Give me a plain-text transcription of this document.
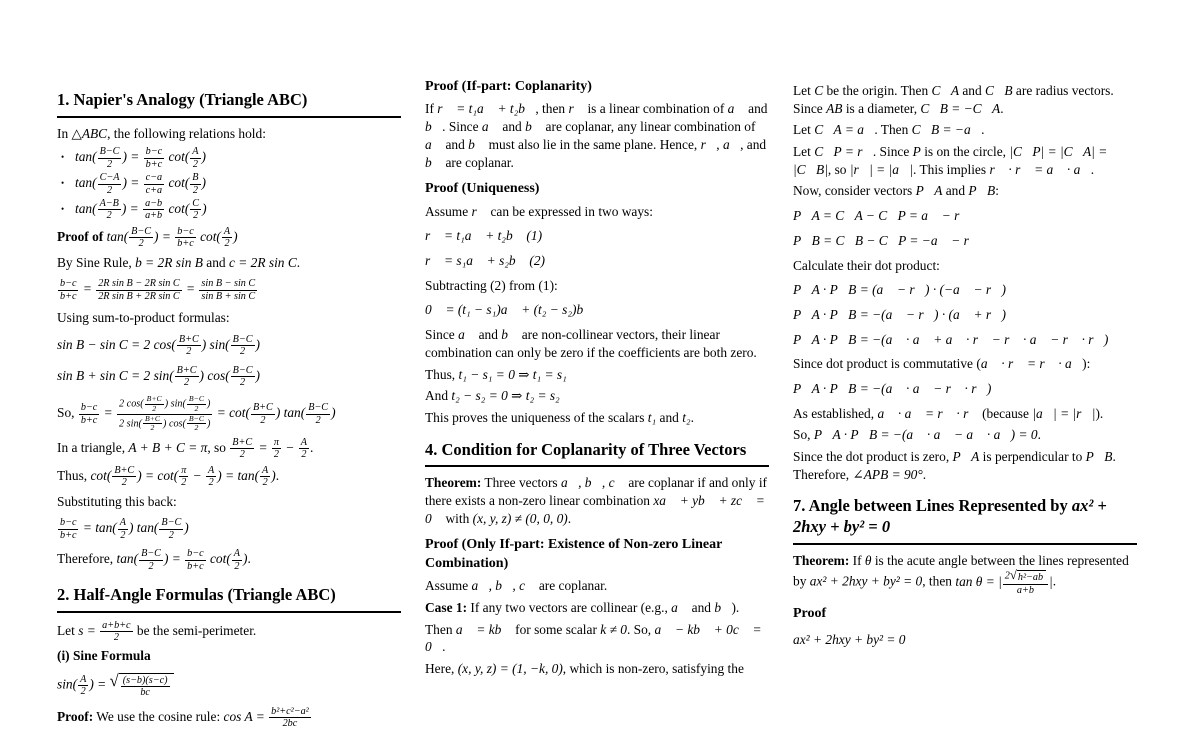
1. Napier's Analogy (Triangle ABC)
In △ABC, the following relations hold:
• $\tan( \frac{B-C}{2}$ ) = $\frac{b-c}{b+c} \cot( \frac{A}{2}$ )
• $\tan( \frac{C-A}{2}$ ) = $\frac{c-a}{c+a} \cot( \frac{B}{2}$ )
• $\tan( \frac{A-B}{2}$ ) = $\frac{a-b}{a+b} \cot( \frac{C}{2}$ )
Proof of $\tan( \frac{B-C}{2}$ ) = $\frac{b-c}{b+c} \cot( \frac{A}{2}$ )
By Sine Rule, b = 2R sin B and c = 2R sin C.
$\frac{b-c}{b+c} = \frac{\text{2R sin B − 2R sin C}}{\text{2R sin B + 2R sin C}} = \frac{\text{sin B − sin C}}{\text{sin B + sin C}}$
Using sum-to-product formulas:
sin B − sin C = 2 $\cos( \frac{B+C}{2}$ ) $\sin( \frac{B-C}{2}$ )
sin B + sin C = 2 $\sin( \frac{B+C}{2}$ ) $\cos( \frac{B-C}{2}$ )
So, $\frac{b-c}{b+c} = \frac{2 \cos( \frac{B+C}{2} ) \sin( \frac{B-C}{2} )}{2 \sin( \frac{B+C}{2} ) \cos( \frac{B-C}{2} )} = \cot( \frac{B+C}{2}$ ) $\tan( \frac{B-C}{2}$ )
In a triangle, A + B + C = π, so $\frac{B+C}{2} = \frac{\pi}{2} - \frac{A}{2}$ .
Thus, $\cot( \frac{B+C}{2}$ ) = $\cot( \frac{\pi}{2} - \frac{A}{2}$ ) = $\tan( \frac{A}{2}$ ).
Substituting this back:
$\frac{b-c}{b+c} = \tan( \frac{A}{2}$ ) $\tan( \frac{B-C}{2}$ )
Therefore, $\tan( \frac{B-C}{2}$ ) = $\frac{b-c}{b+c} \cot( \frac{A}{2}$ ).
2. Half-Angle Formulas (Triangle ABC)
Let $s = \frac{a+b+c}{2}$ be the semi-perimeter.
(i) Sine Formula
$\sin( \frac{A}{2}$ ) = √ $\frac{(s-b)(s-c)}{bc}$
Proof: We use the cosine rule: $\cos A = \frac{\text{b²+c²−a²}}{2bc}$
Proof (If-part: Coplanarity)
If r⃗ = t₁a⃗ + t₂b⃗, then r⃗ is a linear combination of a⃗ and b⃗. Since a⃗ and b⃗ are coplanar, any linear combination of a⃗ and b⃗ must also lie in the same plane. Hence, r⃗, a⃗, and b⃗ are coplanar.
Proof (Uniqueness)
Assume r⃗ can be expressed in two ways:
r⃗ = t₁a⃗ + t₂b⃗ (1)
r⃗ = s₁a⃗ + s₂b⃗ (2)
Subtracting (2) from (1):
0⃗ = (t₁ − s₁)a⃗ + (t₂ − s₂)b⃗
Since a⃗ and b⃗ are non-collinear vectors, their linear combination can only be zero if the coefficients are both zero.
Thus, t₁ − s₁ = 0 ⇒ t₁ = s₁
And t₂ − s₂ = 0 ⇒ t₂ = s₂
This proves the uniqueness of the scalars t₁ and t₂.
4. Condition for Coplanarity of Three Vectors
Theorem: Three vectors a⃗, b⃗, c⃗ are coplanar if and only if there exists a non-zero linear combination xa⃗ + yb⃗ + zc⃗ = 0⃗ with (x, y, z) ≠ (0, 0, 0).
Proof (Only If-part: Existence of Non-zero Linear Combination)
Assume a⃗, b⃗, c⃗ are coplanar.
Case 1: If any two vectors are collinear (e.g., a⃗ and b⃗).
Then a⃗ = kb⃗ for some scalar k ≠ 0. So, a⃗ − kb⃗ + 0c⃗ = 0⃗.
Here, (x, y, z) = (1, −k, 0), which is non-zero, satisfying the
Let C be the origin. Then C⃗A and C⃗B are radius vectors. Since AB is a diameter, C⃗B = −C⃗A.
Let C⃗A = a⃗. Then C⃗B = −a⃗.
Let C⃗P = r⃗. Since P is on the circle, |C⃗P| = |C⃗A| = |C⃗B|, so |r⃗| = |a⃗|. This implies r⃗ · r⃗ = a⃗ · a⃗.
Now, consider vectors P⃗A and P⃗B:
P⃗A = C⃗A − C⃗P = a⃗ − r⃗
P⃗B = C⃗B − C⃗P = −a⃗ − r⃗
Calculate their dot product:
P⃗A · P⃗B = (a⃗ − r⃗) · (−a⃗ − r⃗)
P⃗A · P⃗B = −(a⃗ − r⃗) · (a⃗ + r⃗)
P⃗A · P⃗B = −(a⃗ · a⃗ + a⃗ · r⃗ − r⃗ · a⃗ − r⃗ · r⃗)
Since dot product is commutative (a⃗ · r⃗ = r⃗ · a⃗):
P⃗A · P⃗B = −(a⃗ · a⃗ − r⃗ · r⃗)
As established, a⃗ · a⃗ = r⃗ · r⃗ (because |a⃗| = |r⃗|).
So, P⃗A · P⃗B = −(a⃗ · a⃗ − a⃗ · a⃗) = 0.
Since the dot product is zero, P⃗A is perpendicular to P⃗B. Therefore, ∠APB = 90°.
7. Angle between Lines Represented by ax² + 2hxy + by² = 0
Theorem: If θ is the acute angle between the lines represented by ax² + 2hxy + by² = 0, then tan θ = | $\frac{\text{2 √ h²−ab}}{a+b}$ |.
Proof
ax² + 2hxy + by² = 0
